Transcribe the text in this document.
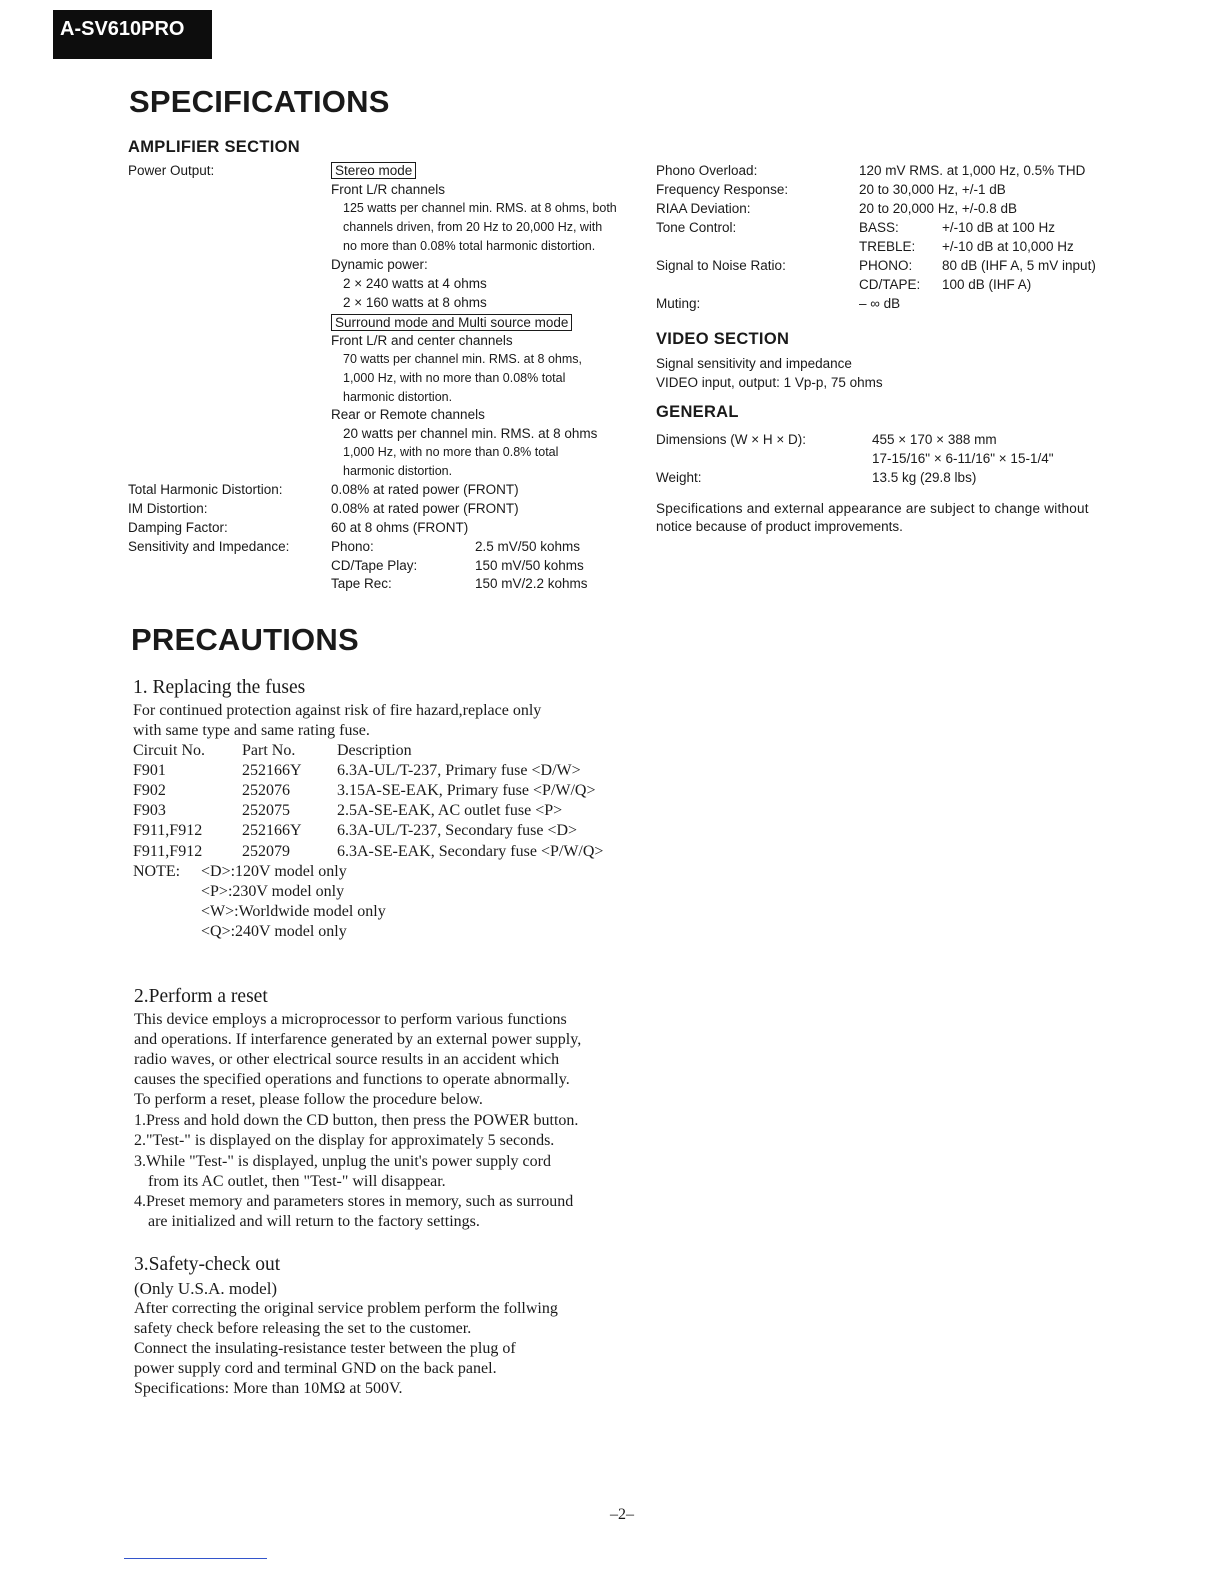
A-SV610PRO
SPECIFICATIONS
AMPLIFIER SECTION
Power Output:	Stereo mode
Front L/R channels
125 watts per channel min. RMS. at 8 ohms, both
channels driven, from 20 Hz to 20,000 Hz, with
no more than 0.08% total harmonic distortion.
Dynamic power:
2 × 240 watts at 4 ohms
2 × 160 watts at 8 ohms
Surround mode and Multi source mode
Front L/R and center channels
70 watts per channel min. RMS. at 8 ohms,
1,000 Hz, with no more than 0.08% total
harmonic distortion.
Rear or Remote channels
20 watts per channel min. RMS. at 8 ohms
1,000 Hz, with no more than 0.8% total
harmonic distortion.
Total Harmonic Distortion:	0.08% at rated power (FRONT)
IM Distortion:	0.08% at rated power (FRONT)
Damping Factor:	60 at 8 ohms (FRONT)
Sensitivity and Impedance:	Phono:	2.5 mV/50 kohms
CD/Tape Play:	150 mV/50 kohms
Tape Rec:	150 mV/2.2 kohms
Phono Overload:	120 mV RMS. at 1,000 Hz, 0.5% THD
Frequency Response:	20 to 30,000 Hz, +/-1 dB
RIAA Deviation:	20 to 20,000 Hz, +/-0.8 dB
Tone Control:	BASS:	+/-10 dB at 100 Hz
TREBLE: +/-10 dB at 10,000 Hz
Signal to Noise Ratio:	PHONO: 80 dB (IHF A, 5 mV input)
CD/TAPE: 100 dB (IHF A)
Muting:	– ∞ dB
VIDEO SECTION
Signal sensitivity and impedance
VIDEO input, output: 1 Vp-p, 75 ohms
GENERAL
Dimensions (W × H × D):	455 × 170 × 388 mm
17-15/16" × 6-11/16" × 15-1/4"
Weight:	13.5 kg (29.8 lbs)
Specifications and external appearance are subject to change without
notice because of product improvements.
PRECAUTIONS
1. Replacing the fuses
For continued protection against risk of fire hazard,replace only
with same type and same rating fuse.
Circuit No. Part No.	Description
F901	252166Y 6.3A-UL/T-237, Primary fuse <D/W>
F902	252076	3.15A-SE-EAK, Primary fuse <P/W/Q>
F903	252075	2.5A-SE-EAK, AC outlet fuse <P>
F911,F912 252166Y 6.3A-UL/T-237, Secondary fuse <D>
F911,F912 252079	6.3A-SE-EAK, Secondary fuse <P/W/Q>
NOTE: <D>:120V model only
<P>:230V model only
<W>:Worldwide model only
<Q>:240V model only
2.Perform a reset
This device employs a microprocessor to perform various functions
and operations. If interfarence generated by an external power supply,
radio waves, or other electrical source results in an accident which
causes the specified operations and functions to operate abnormally.
To perform a reset, please follow the procedure below.
1.Press and hold down the CD button, then press the POWER button.
2."Test-" is displayed on the display for approximately 5 seconds.
3.While "Test-" is displayed, unplug the unit's power supply cord
from its AC outlet, then "Test-" will disappear.
4.Preset memory and parameters stores in memory, such as surround
are initialized and will return to the factory settings.
3.Safety-check out
(Only U.S.A. model)
After correcting the original service problem perform the follwing
safety check before releasing the set to the customer.
Connect the insulating-resistance tester between the plug of
power supply cord and terminal GND on the back panel.
Specifications: More than 10MΩ at 500V.
–2–
